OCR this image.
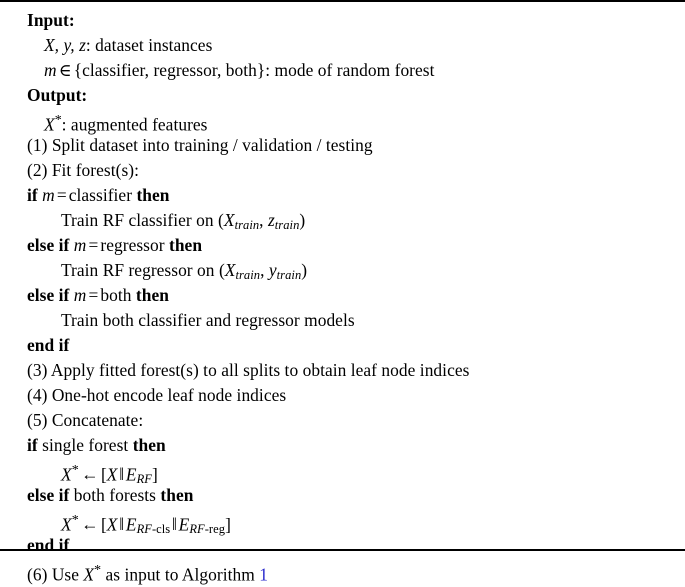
Input:
X, y, z: dataset instances
m ∈ {classifier, regressor, both}: mode of random forest
Output:
X*: augmented features
(1) Split dataset into training / validation / testing
(2) Fit forest(s):
if m = classifier then
Train RF classifier on ($X_{train}$, $z_{train}$)
else if m = regressor then
Train RF regressor on ($X_{train}$, $y_{train}$)
else if m = both then
Train both classifier and regressor models
end if
(3) Apply fitted forest(s) to all splits to obtain leaf node indices
(4) One-hot encode leaf node indices
(5) Concatenate:
if single forest then
X* ← $[X‖E_{RF}]$
else if both forests then
X* ← $[X‖E_{RF-cls}‖E_{RF-reg}]$
end if
(6) Use X* as input to Algorithm 1
